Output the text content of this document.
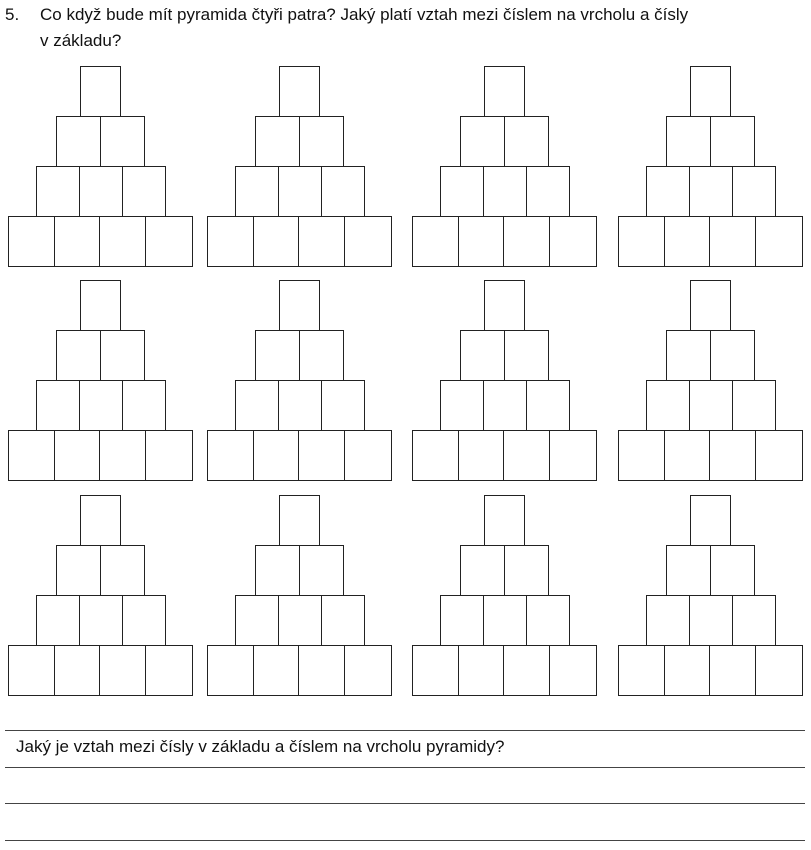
5. Co když bude mít pyramida čtyři patra? Jaký platí vztah mezi číslem na vrcholu a čísly
v základu?
Jaký je vztah mezi čísly v základu a číslem na vrcholu pyramidy?
